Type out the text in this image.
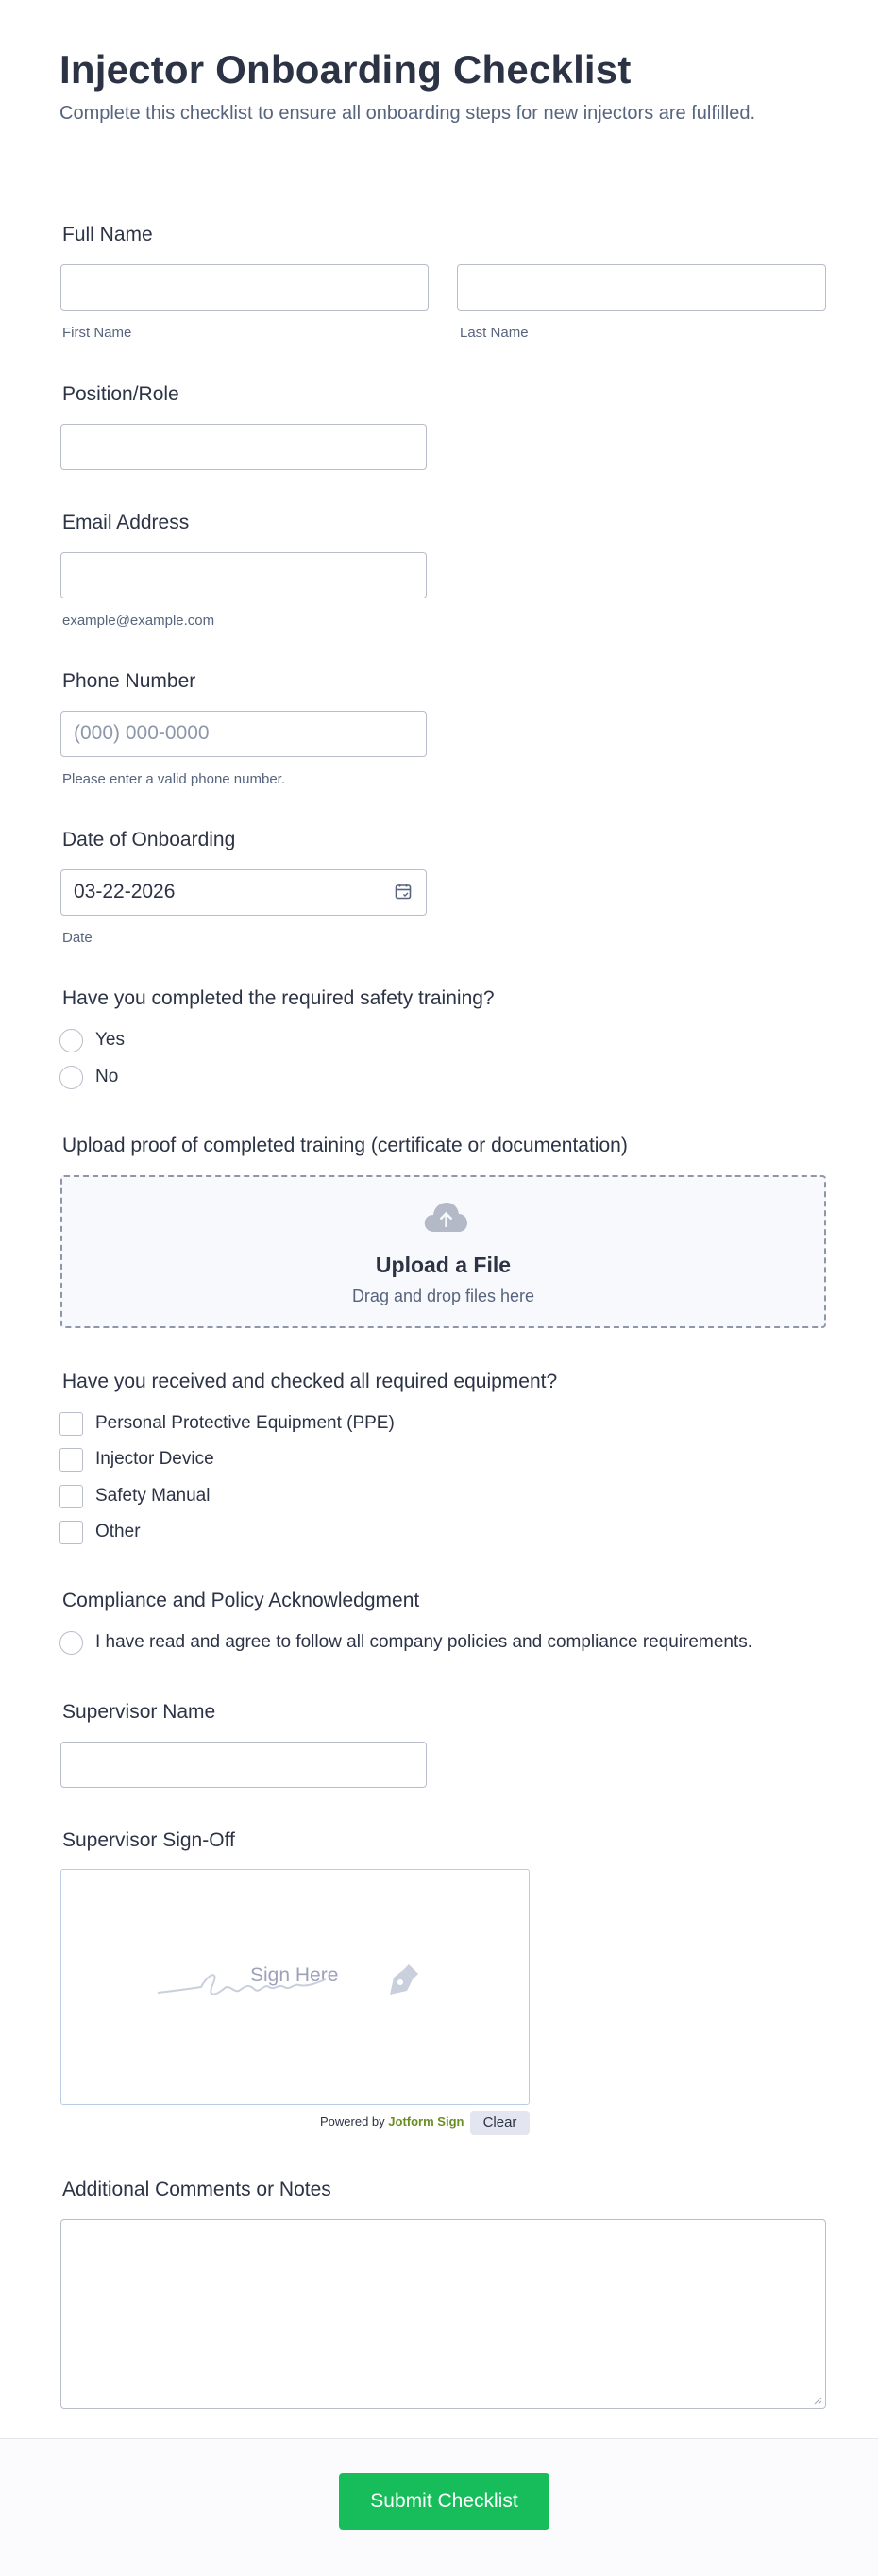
Injector Onboarding Checklist
Complete this checklist to ensure all onboarding steps for new injectors are fulfilled.
Full Name
First Name	Last Name
Position/Role
Email Address
example@example.com
Phone Number
(000) 000-0000
Please enter a valid phone number.
Date of Onboarding
03-22-2026
Date
Have you completed the required safety training?
Yes
No
Upload proof of completed training (certificate or documentation)
Upload a File
Drag and drop files here
Have you received and checked all required equipment?
Personal Protective Equipment (PPE)
Injector Device
Safety Manual
Other
Compliance and Policy Acknowledgment
I have read and agree to follow all company policies and compliance requirements.
Supervisor Name
Supervisor Sign-Off
Sign Here
Powered by Jotform Sign	Clear
Additional Comments or Notes
Submit Checklist
